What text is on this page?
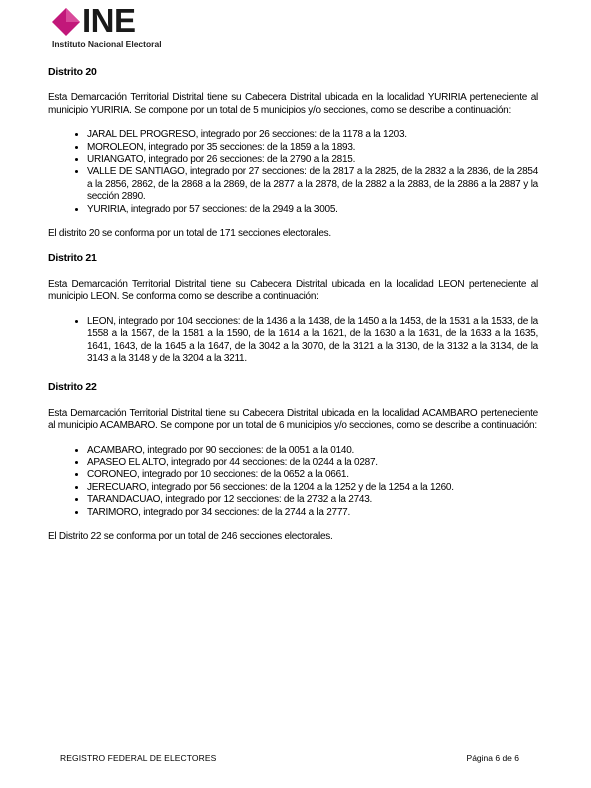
INE
Instituto Nacional Electoral
Distrito 20
Esta Demarcación Territorial Distrital tiene su Cabecera Distrital ubicada en la localidad YURIRIA perteneciente al municipio YURIRIA. Se compone por un total de 5 municipios y/o secciones, como se describe a continuación:
• JARAL DEL PROGRESO, integrado por 26 secciones: de la 1178 a la 1203.
• MOROLEON, integrado por 35 secciones: de la 1859 a la 1893.
• URIANGATO, integrado por 26 secciones: de la 2790 a la 2815.
• VALLE DE SANTIAGO, integrado por 27 secciones: de la 2817 a la 2825, de la 2832 a la 2836, de la 2854 a la 2856, 2862, de la 2868 a la 2869, de la 2877 a la 2878, de la 2882 a la 2883, de la 2886 a la 2887 y la sección 2890.
• YURIRIA, integrado por 57 secciones: de la 2949 a la 3005.
El distrito 20 se conforma por un total de 171 secciones electorales.
Distrito 21
Esta Demarcación Territorial Distrital tiene su Cabecera Distrital ubicada en la localidad LEON perteneciente al municipio LEON. Se conforma como se describe a continuación:
• LEON, integrado por 104 secciones: de la 1436 a la 1438, de la 1450 a la 1453, de la 1531 a la 1533, de la 1558 a la 1567, de la 1581 a la 1590, de la 1614 a la 1621, de la 1630 a la 1631, de la 1633 a la 1635, 1641, 1643, de la 1645 a la 1647, de la 3042 a la 3070, de la 3121 a la 3130, de la 3132 a la 3134, de la 3143 a la 3148 y de la 3204 a la 3211.
Distrito 22
Esta Demarcación Territorial Distrital tiene su Cabecera Distrital ubicada en la localidad ACAMBARO perteneciente al municipio ACAMBARO. Se compone por un total de 6 municipios y/o secciones, como se describe a continuación:
• ACAMBARO, integrado por 90 secciones: de la 0051 a la 0140.
• APASEO EL ALTO, integrado por 44 secciones: de la 0244 a la 0287.
• CORONEO, integrado por 10 secciones: de la 0652 a la 0661.
• JERECUARO, integrado por 56 secciones: de la 1204 a la 1252 y de la 1254 a la 1260.
• TARANDACUAO, integrado por 12 secciones: de la 2732 a la 2743.
• TARIMORO, integrado por 34 secciones: de la 2744 a la 2777.
El Distrito 22 se conforma por un total de 246 secciones electorales.
REGISTRO FEDERAL DE ELECTORES	Página 6 de 6
